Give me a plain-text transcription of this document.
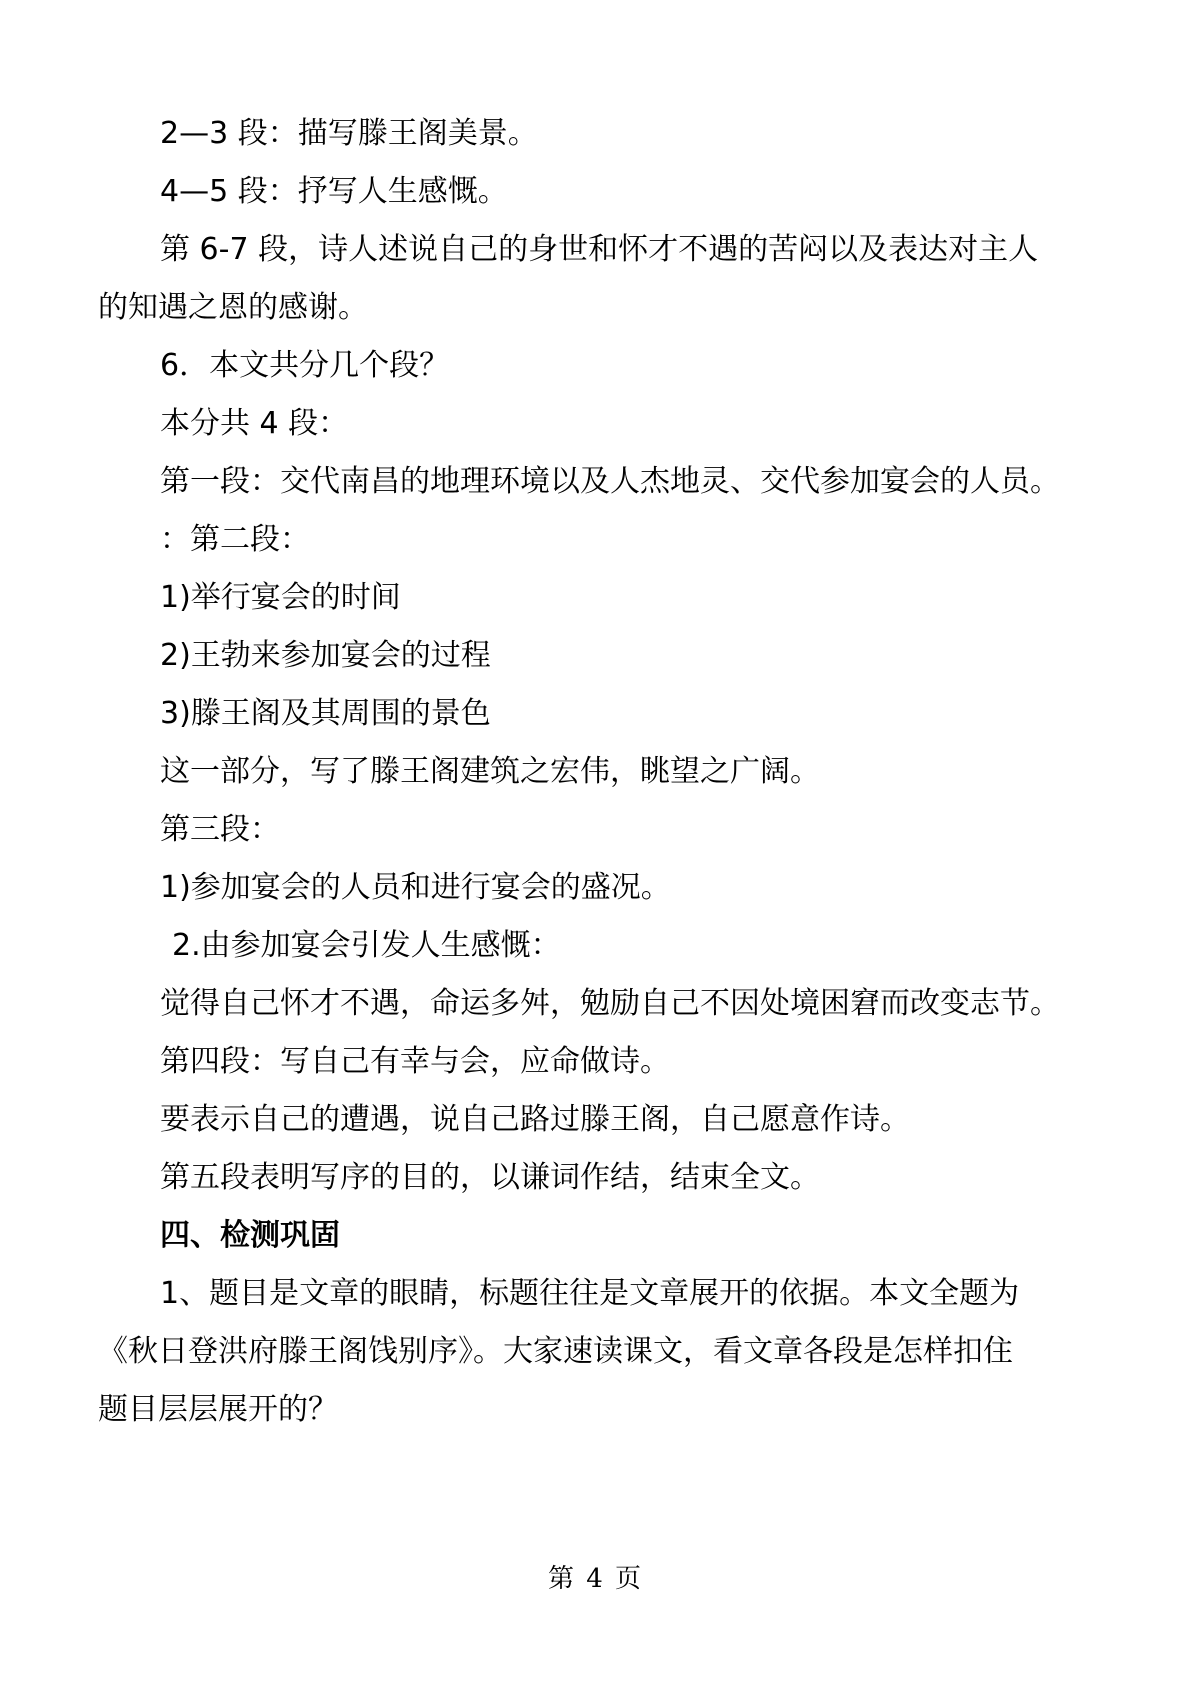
2—3 段：描写滕王阁美景。
4—5 段：抒写人生感慨。
第 6-7 段，诗人述说自己的身世和怀才不遇的苦闷以及表达对主人
的知遇之恩的感谢。
6．本文共分几个段？
本分共 4 段：
第一段：交代南昌的地理环境以及人杰地灵、交代参加宴会的人员。
：第二段：
1)举行宴会的时间
2)王勃来参加宴会的过程
3)滕王阁及其周围的景色
这一部分，写了滕王阁建筑之宏伟，眺望之广阔。
第三段：
1)参加宴会的人员和进行宴会的盛况。
2.由参加宴会引发人生感慨：
觉得自己怀才不遇，命运多舛，勉励自己不因处境困窘而改变志节。
第四段：写自己有幸与会，应命做诗。
要表示自己的遭遇，说自己路过滕王阁，自己愿意作诗。
第五段表明写序的目的，以谦词作结，结束全文。
四、检测巩固
1、题目是文章的眼睛，标题往往是文章展开的依据。本文全题为
《秋日登洪府滕王阁饯别序》。大家速读课文，看文章各段是怎样扣住
题目层层展开的？
第 4 页
